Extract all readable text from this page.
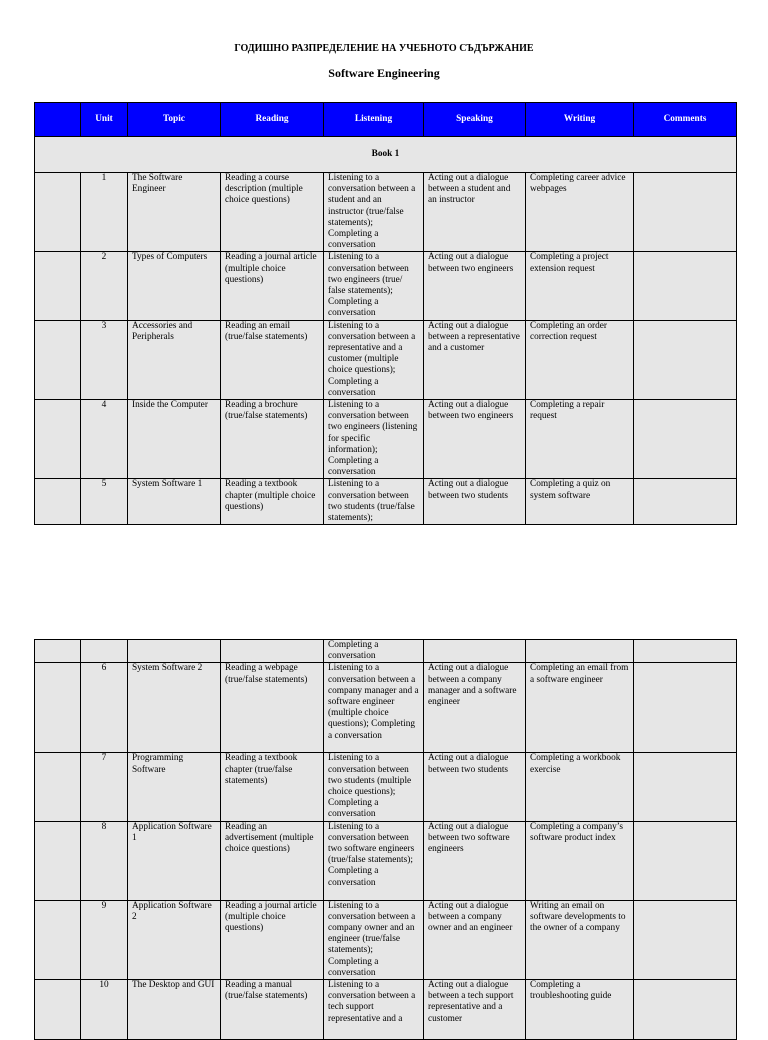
ГОДИШНО РАЗПРЕДЕЛЕНИЕ НА УЧЕБНОТО СЪДЪРЖАНИЕ
Software Engineering
	Unit	Topic	Reading	Listening	Speaking	Writing	Comments
Book 1							
	1	The Software Engineer	Reading a course description (multiple choice questions)	Listening to a conversation between a student and an instructor (true/false statements); Completing a conversation	Acting out a dialogue between a student and an instructor	Completing career advice webpages	
	2	Types of Computers	Reading a journal article (multiple choice questions)	Listening to a conversation between two engineers (true/ false statements); Completing a conversation	Acting out a dialogue between two engineers	Completing a project extension request	
	3	Accessories and Peripherals	Reading an email (true/false statements)	Listening to a conversation between a representative and a customer (multiple choice questions); Completing a conversation	Acting out a dialogue between a representative and a customer	Completing an order correction request	
	4	Inside the Computer	Reading a brochure (true/false statements)	Listening to a conversation between two engineers (listening for specific information); Completing a conversation	Acting out a dialogue between two engineers	Completing a repair request	
	5	System Software 1	Reading a textbook chapter (multiple choice questions)	Listening to a conversation between two students (true/false statements);	Acting out a dialogue between two students	Completing a quiz on system software	
				Completing a conversation			
	6	System Software 2	Reading a webpage (true/false statements)	Listening to a conversation between a company manager and a software engineer (multiple choice questions); Completing a conversation	Acting out a dialogue between a company manager and a software engineer	Completing an email from a software engineer	
	7	Programming Software	Reading a textbook chapter (true/false statements)	Listening to a conversation between two students (multiple choice questions); Completing a conversation	Acting out a dialogue between two students	Completing a workbook exercise	
	8	Application Software 1	Reading an advertisement (multiple choice questions)	Listening to a conversation between two software engineers (true/false statements); Completing a conversation	Acting out a dialogue between two software engineers	Completing a company’s software product index	
	9	Application Software 2	Reading a journal article (multiple choice questions)	Listening to a conversation between a company owner and an engineer (true/false statements); Completing a conversation	Acting out a dialogue between a company owner and an engineer	Writing an email on software developments to the owner of a company	
	10	The Desktop and GUI	Reading a manual (true/false statements)	Listening to a conversation between a tech support representative and a	Acting out a dialogue between a tech support representative and a customer	Completing a troubleshooting guide	
